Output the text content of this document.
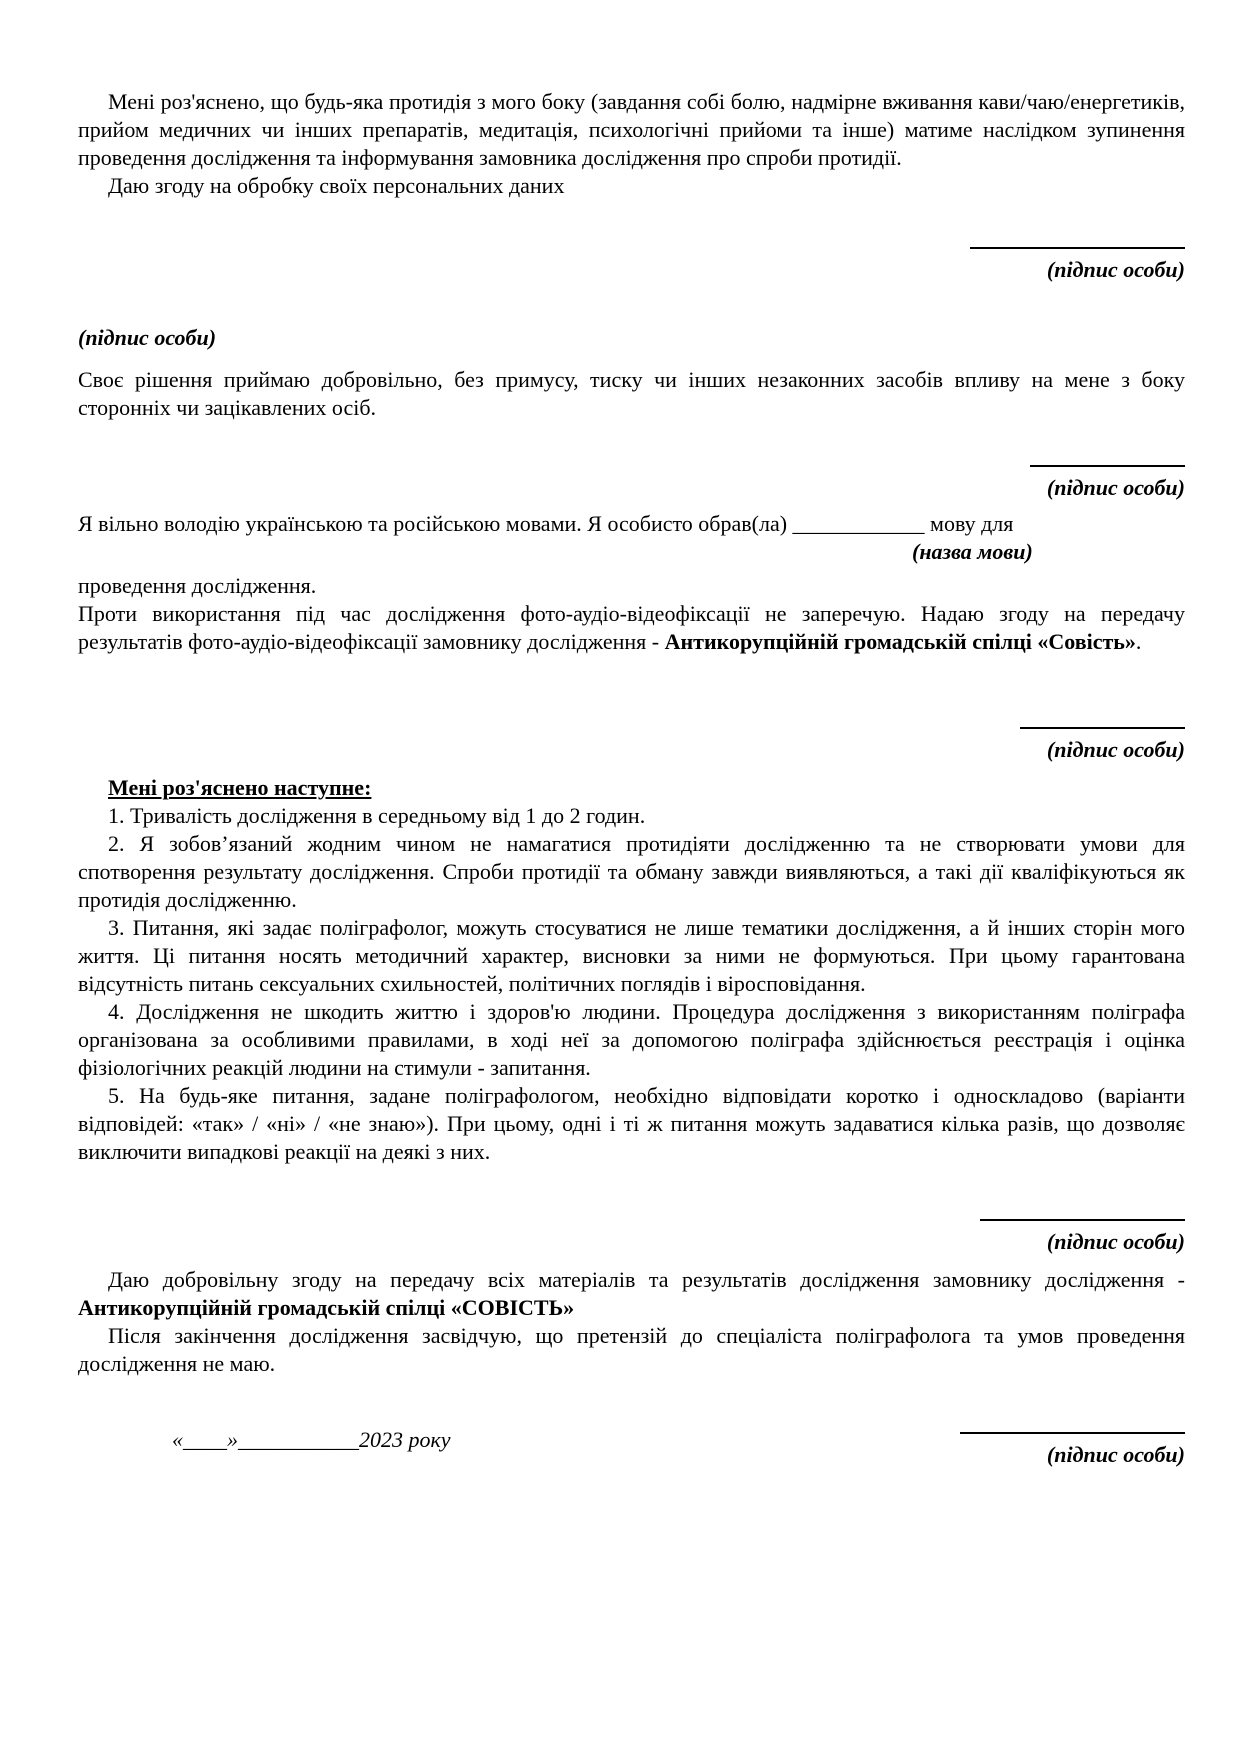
Мені роз'яснено, що будь-яка протидія з мого боку (завдання собі болю, надмірне вживання кави/чаю/енергетиків, прийом медичних чи інших препаратів, медитація, психологічні прийоми та інше) матиме наслідком зупинення проведення дослідження та інформування замовника дослідження про спроби протидії.

Даю згоду на обробку своїх персональних даних

(підпис особи)
(підпис особи)

Своє рішення приймаю добровільно, без примусу, тиску чи інших незаконних засобів впливу на мене з боку сторонніх чи зацікавлених осіб.

(підпис особи)

Я вільно володію українською та російською мовами. Я особисто обрав(ла) ____________ мову для

(назва мови)

проведення дослідження.

Проти використання під час дослідження фото-аудіо-відеофіксації не заперечую. Надаю згоду на передачу результатів фото-аудіо-відеофіксації замовнику дослідження - Антикорупційній громадській спілці «Совість».

(підпис особи)

Мені роз'яснено наступне:

1. Тривалість дослідження в середньому від 1 до 2 годин.

2. Я зобов’язаний жодним чином не намагатися протидіяти дослідженню та не створювати умови для спотворення результату дослідження. Спроби протидії та обману завжди виявляються, а такі дії кваліфікуються як протидія дослідженню.

3. Питання, які задає поліграфолог, можуть стосуватися не лише тематики дослідження, а й інших сторін мого життя. Ці питання носять методичний характер, висновки за ними не формуються. При цьому гарантована відсутність питань сексуальних схильностей, політичних поглядів і віросповідання.

4. Дослідження не шкодить життю і здоров'ю людини. Процедура дослідження з використанням поліграфа організована за особливими правилами, в ході неї за допомогою поліграфа здійснюється реєстрація і оцінка фізіологічних реакцій людини на стимули - запитання.

5. На будь-яке питання, задане поліграфологом, необхідно відповідати коротко і односкладово (варіанти відповідей: «так» / «ні» / «не знаю»). При цьому, одні і ті ж питання можуть задаватися кілька разів, що дозволяє виключити випадкові реакції на деякі з них.

(підпис особи)

Даю добровільну згоду на передачу всіх матеріалів та результатів дослідження замовнику дослідження - Антикорупційній громадській спілці «СОВІСТЬ»

Після закінчення дослідження засвідчую, що претензій до спеціаліста поліграфолога та умов проведення дослідження не маю.

«____»___________2023 року
(підпис особи)
